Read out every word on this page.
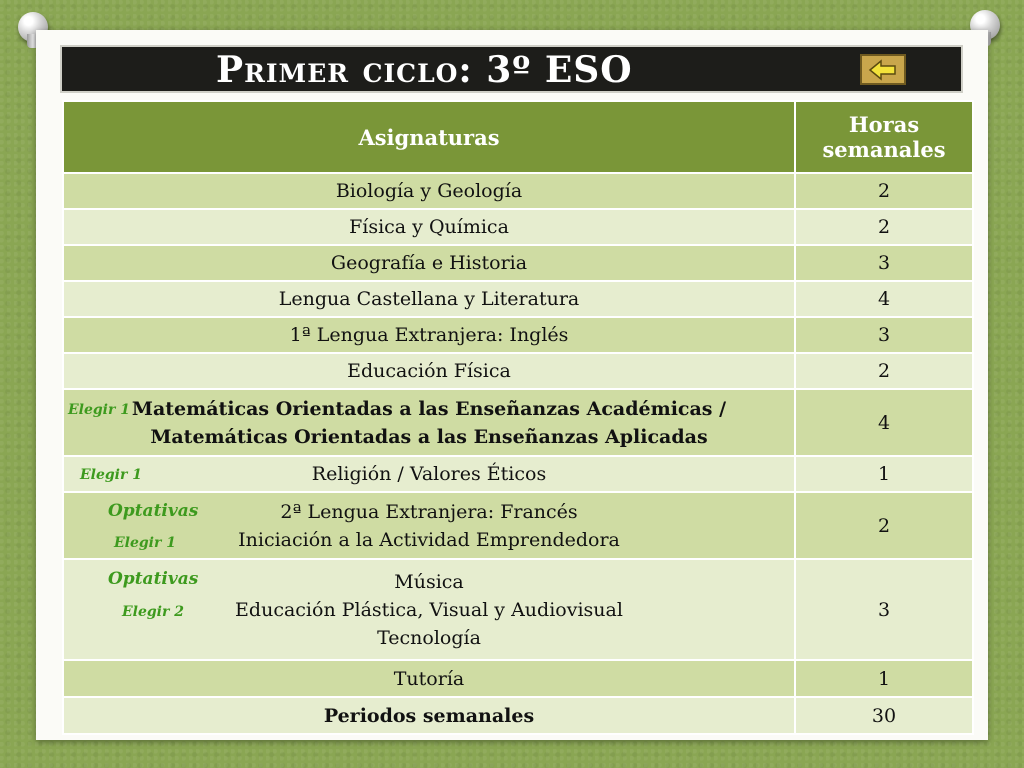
Primer ciclo: 3º ESO
Asignaturas	Horas semanales
Biología y Geología	2
Física y Química	2
Geografía e Historia	3
Lengua Castellana y Literatura	4
1ª Lengua Extranjera: Inglés	3
Educación Física	2

Elegir 1 Matemáticas Orientadas a las Enseñanzas Académicas /
Matemáticas Orientadas a las Enseñanzas Aplicadas	4

Elegir 1 Religión / Valores Éticos	1

Optativas
Elegir 1
2ª Lengua Extranjera: Francés
Iniciación a la Actividad Emprendedora	2

Optativas
Elegir 2
Música
Educación Plástica, Visual y Audiovisual
Tecnología	3
Tutoría	1
Periodos semanales	30
